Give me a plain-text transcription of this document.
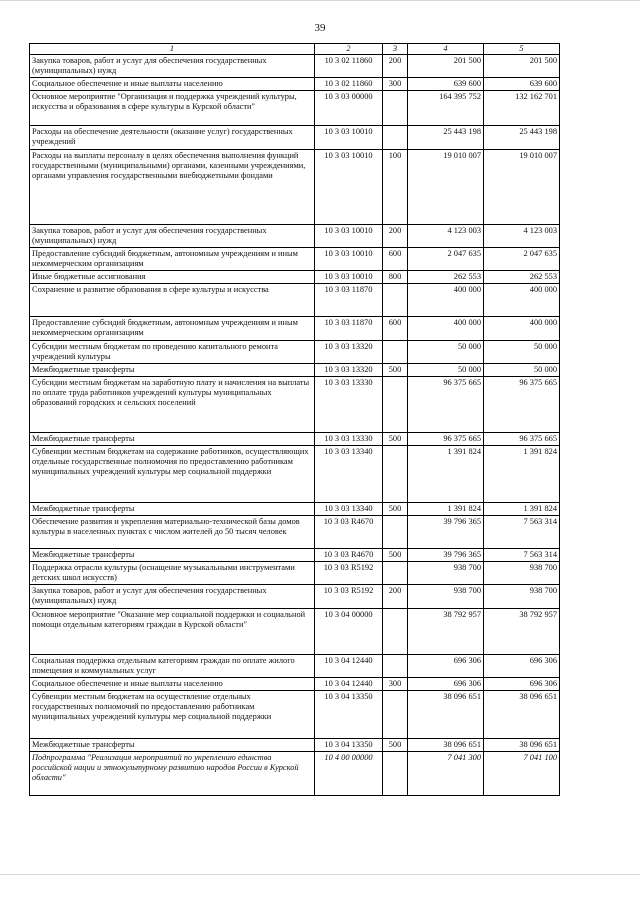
39
1	2	3	4	5
Закупка товаров, работ и услуг для обеспечения государственных (муниципальных) нужд	10 3 02 11860	200	201 500	201 500
Социальное обеспечение и иные выплаты населению	10 3 02 11860	300	639 600	639 600
Основное мероприятие "Организация и поддержка учреждений культуры, искусства и образования в сфере культуры в Курской области"	10 3 03 00000		164 395 752	132 162 701
Расходы на обеспечение деятельности (оказание услуг) государственных учреждений	10 3 03 10010		25 443 198	25 443 198
Расходы на выплаты персоналу в целях обеспечения выполнения функций государственными (муниципальными) органами, казенными учреждениями, органами управления государственными внебюджетными фондами	10 3 03 10010	100	19 010 007	19 010 007
Закупка товаров, работ и услуг для обеспечения государственных (муниципальных) нужд	10 3 03 10010	200	4 123 003	4 123 003
Предоставление субсидий бюджетным, автономным учреждениям и иным некоммерческим организациям	10 3 03 10010	600	2 047 635	2 047 635
Иные бюджетные ассигнования	10 3 03 10010	800	262 553	262 553
Сохранение и развитие образования в сфере культуры и искусства	10 3 03 11870		400 000	400 000
Предоставление субсидий бюджетным, автономным учреждениям и иным некоммерческим организациям	10 3 03 11870	600	400 000	400 000
Субсидии местным бюджетам по проведению капитального ремонта учреждений культуры	10 3 03 13320		50 000	50 000
Межбюджетные трансферты	10 3 03 13320	500	50 000	50 000
Субсидии местным бюджетам на заработную плату и начисления на выплаты по оплате труда работников учреждений культуры муниципальных образований городских и сельских поселений	10 3 03 13330		96 375 665	96 375 665
Межбюджетные трансферты	10 3 03 13330	500	96 375 665	96 375 665
Субвенции местным бюджетам на содержание работников, осуществляющих отдельные государственные полномочия по предоставлению работникам муниципальных учреждений культуры мер социальной поддержки	10 3 03 13340		1 391 824	1 391 824
Межбюджетные трансферты	10 3 03 13340	500	1 391 824	1 391 824
Обеспечение развития и укрепления материально-технической базы домов культуры в населенных пунктах с числом жителей до 50 тысяч человек	10 3 03 R4670		39 796 365	7 563 314
Межбюджетные трансферты	10 3 03 R4670	500	39 796 365	7 563 314
Поддержка отрасли культуры (оснащение музыкальными инструментами детских школ искусств)	10 3 03 R5192		938 700	938 700
Закупка товаров, работ и услуг для обеспечения государственных (муниципальных) нужд	10 3 03 R5192	200	938 700	938 700
Основное мероприятие "Оказание мер социальной поддержки и социальной помощи отдельным категориям граждан в Курской области"	10 3 04 00000		38 792 957	38 792 957
Социальная поддержка отдельным категориям граждан по оплате жилого помещения и коммунальных услуг	10 3 04 12440		696 306	696 306
Социальное обеспечение и иные выплаты населению	10 3 04 12440	300	696 306	696 306
Субвенции местным бюджетам на осуществление отдельных государственных полномочий по предоставлению работникам муниципальных учреждений культуры мер социальной поддержки	10 3 04 13350		38 096 651	38 096 651
Межбюджетные трансферты	10 3 04 13350	500	38 096 651	38 096 651
Подпрограмма "Реализация мероприятий по укреплению единства российской нации и этнокультурному развитию народов России в Курской области"	10 4 00 00000		7 041 300	7 041 100
